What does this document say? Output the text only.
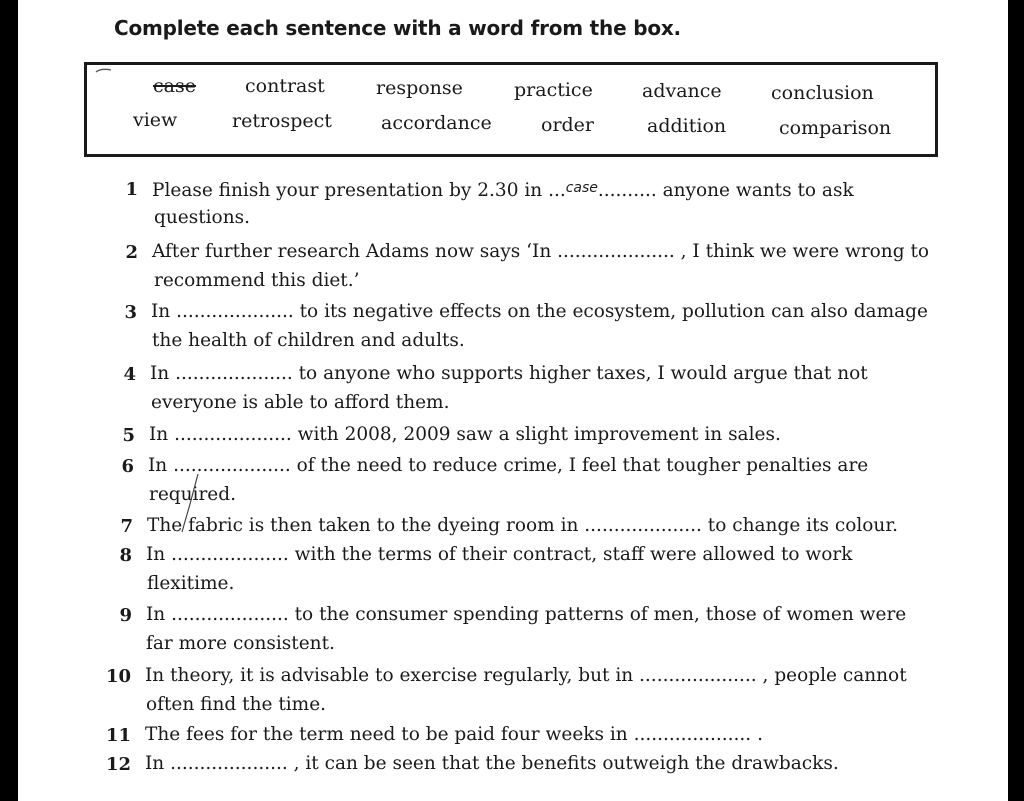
Complete each sentence with a word from the box.
case	contrast	response	practice	advance	conclusion
view	retrospect	accordance	order	addition	comparison
1 Please finish your presentation by 2.30 in ...$^{case}$.......... anyone wants to ask
questions.
2 After further research Adams now says ‘In .................... , I think we were wrong to
recommend this diet.’
3 In .................... to its negative effects on the ecosystem, pollution can also damage
the health of children and adults.
4 In .................... to anyone who supports higher taxes, I would argue that not
everyone is able to afford them.
5 In .................... with 2008, 2009 saw a slight improvement in sales.
6 In .................... of the need to reduce crime, I feel that tougher penalties are
required.
7 The fabric is then taken to the dyeing room in .................... to change its colour.
8 In .................... with the terms of their contract, staff were allowed to work
flexitime.
9 In .................... to the consumer spending patterns of men, those of women were
far more consistent.
10 In theory, it is advisable to exercise regularly, but in .................... , people cannot
often find the time.
11 The fees for the term need to be paid four weeks in .................... .
12 In .................... , it can be seen that the benefits outweigh the drawbacks.
